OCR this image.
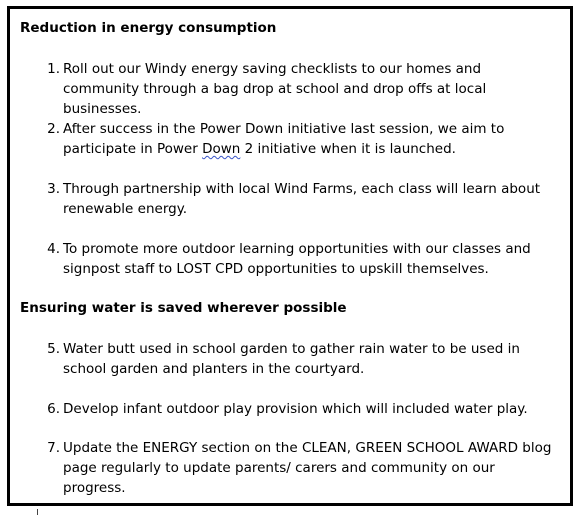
Reduction in energy consumption
1. Roll out our Windy energy saving checklists to our homes and community through a bag drop at school and drop offs at local businesses.
2. After success in the Power Down initiative last session, we aim to participate in Power Down 2 initiative when it is launched.
3. Through partnership with local Wind Farms, each class will learn about renewable energy.
4. To promote more outdoor learning opportunities with our classes and signpost staff to LOST CPD opportunities to upskill themselves.
Ensuring water is saved wherever possible
5. Water butt used in school garden to gather rain water to be used in school garden and planters in the courtyard.
6. Develop infant outdoor play provision which will included water play.
7. Update the ENERGY section on the CLEAN, GREEN SCHOOL AWARD blog page regularly to update parents/ carers and community on our progress.
